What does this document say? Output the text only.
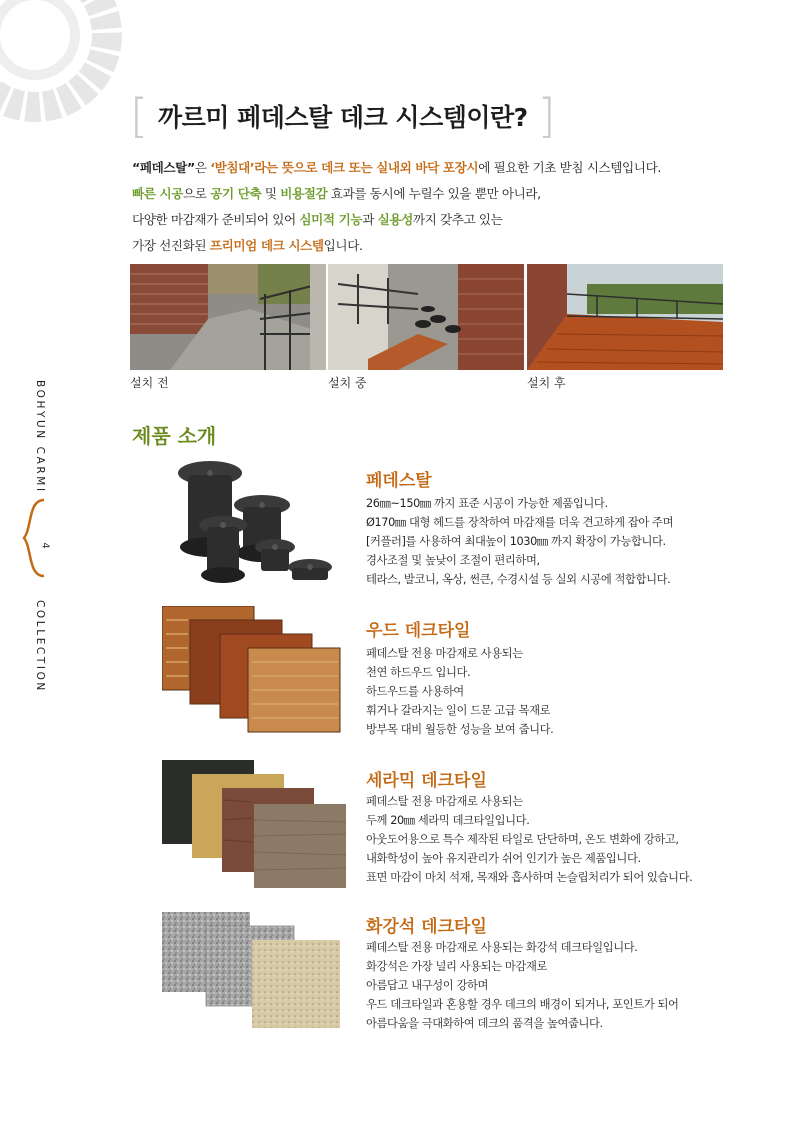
[ 까르미 페데스탈 데크 시스템이란? ]
“페데스탈”은 ‘받침대’라는 뜻으로 데크 또는 실내외 바닥 포장시에 필요한 기초 받침 시스템입니다.
빠른 시공으로 공기 단축 및 비용절감 효과를 동시에 누릴수 있을 뿐만 아니라,
다양한 마감재가 준비되어 있어 심미적 기능과 실용성까지 갖추고 있는
가장 선진화된 프리미엄 데크 시스템입니다.
설치 전	설치 중	설치 후
BOHYUN CARMI
4
COLLECTION
제품 소개
페데스탈
26㎜~150㎜ 까지 표준 시공이 가능한 제품입니다.
Ø170㎜ 대형 헤드를 장착하여 마감재를 더욱 견고하게 잡아 주며
[커플러]를 사용하여 최대높이 1030㎜ 까지 확장이 가능합니다.
경사조절 및 높낮이 조절이 편리하며,
테라스, 발코니, 옥상, 썬큰, 수경시설 등 실외 시공에 적합합니다.
우드 데크타일
페데스탈 전용 마감재로 사용되는
천연 하드우드 입니다.
하드우드를 사용하여
휘거나 갈라지는 일이 드문 고급 목재로
방부목 대비 월등한 성능을 보여 줍니다.
세라믹 데크타일
페데스탈 전용 마감재로 사용되는
두께 20㎜ 세라믹 데크타일입니다.
아웃도어용으로 특수 제작된 타일로 단단하며, 온도 변화에 강하고,
내화학성이 높아 유지관리가 쉬어 인기가 높은 제품입니다.
표면 마감이 마치 석재, 목재와 흡사하며 논슬립처리가 되어 있습니다.
화강석 데크타일
페데스탈 전용 마감재로 사용되는 화강석 데크타일입니다.
화강석은 가장 널리 사용되는 마감재로
아름답고 내구성이 강하며
우드 데크타일과 혼용할 경우 데크의 배경이 되거나, 포인트가 되어
아름다움을 극대화하여 데크의 품격을 높여줍니다.
